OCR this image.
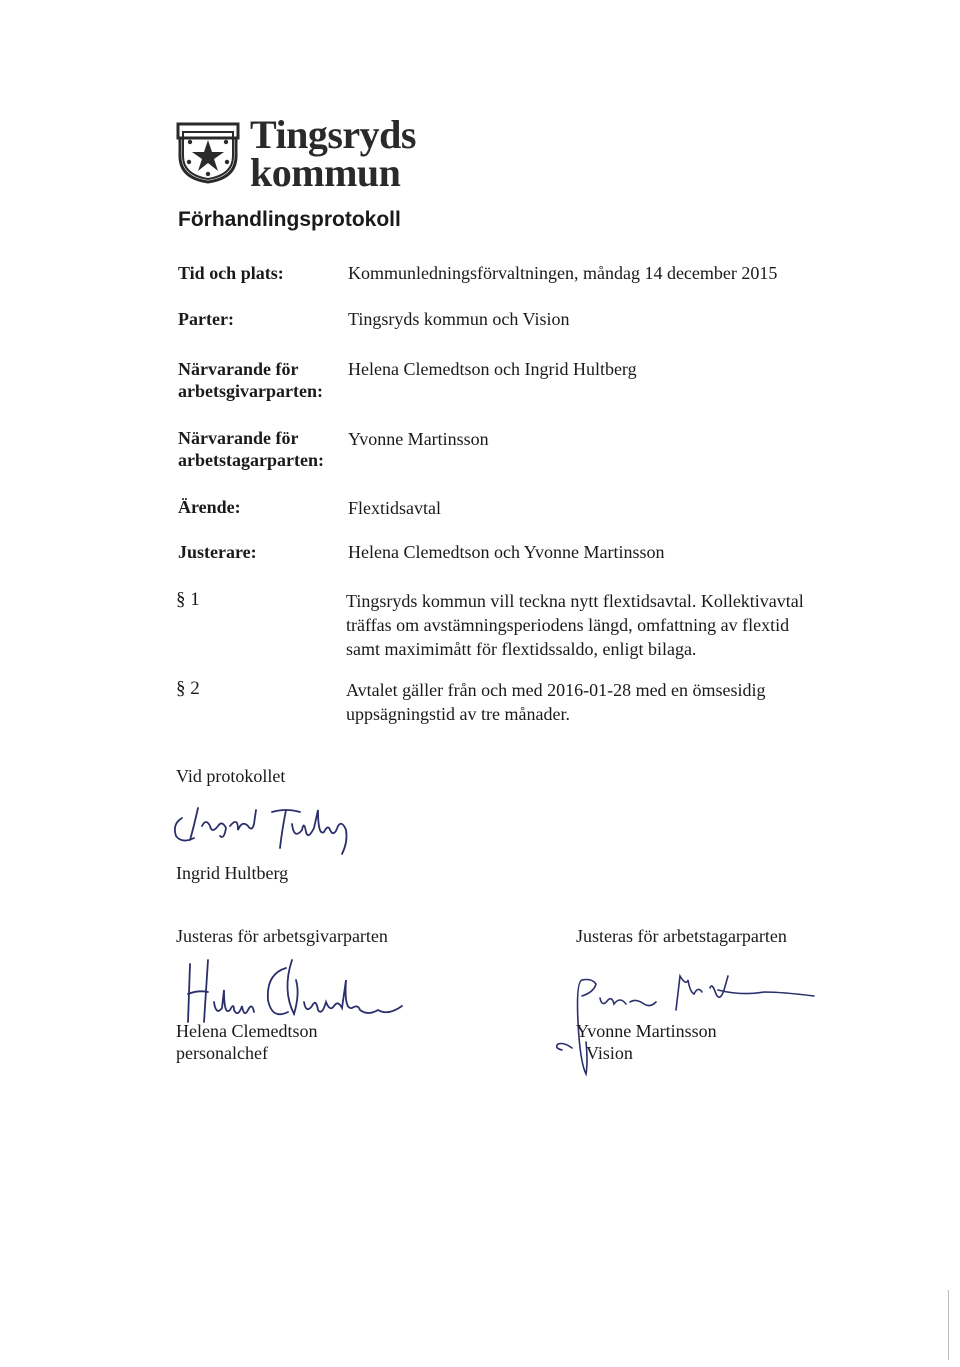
Tingsryds
kommun
Förhandlingsprotokoll
Tid och plats:	Kommunledningsförvaltningen, måndag 14 december 2015
Parter:	Tingsryds kommun och Vision
Närvarande för
arbetsgivarparten:
Helena Clemedtson och Ingrid Hultberg
Närvarande för
arbetstagarparten:
Yvonne Martinsson
Ärende:	Flextidsavtal
Justerare:	Helena Clemedtson och Yvonne Martinsson
§ 1	Tingsryds kommun vill teckna nytt flextidsavtal. Kollektivavtal
träffas om avstämningsperiodens längd, omfattning av flextid
samt maximimått för flextidssaldo, enligt bilaga.
§ 2	Avtalet gäller från och med 2016-01-28 med en ömsesidig
uppsägningstid av tre månader.
Vid protokollet
Ingrid Hultberg
Justeras för arbetsgivarparten
Helena Clemedtson
personalchef
Justeras för arbetstagarparten
Yvonne Martinsson
Vision
